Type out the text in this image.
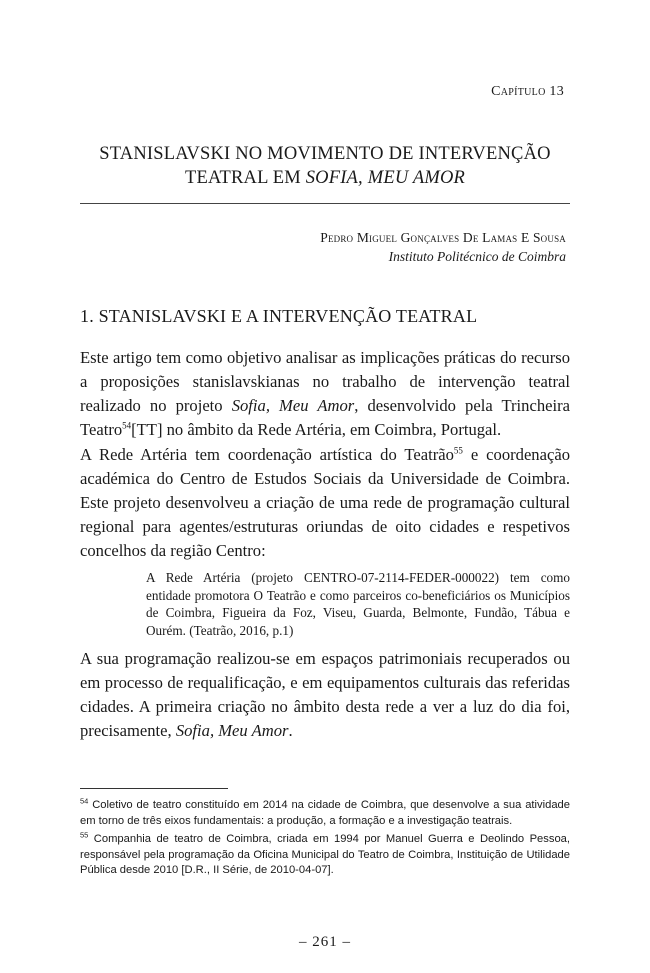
Capítulo 13
STANISLAVSKI NO MOVIMENTO DE INTERVENÇÃO
TEATRAL EM SOFIA, MEU AMOR
Pedro Miguel Gonçalves De Lamas E Sousa
Instituto Politécnico de Coimbra
1. STANISLAVSKI E A INTERVENÇÃO TEATRAL

Este artigo tem como objetivo analisar as implicações práticas do recurso a proposições stanislavskianas no trabalho de intervenção teatral realizado no projeto Sofia, Meu Amor, desenvolvido pela Trincheira Teatro$^{54}$[TT] no âmbito da Rede Artéria, em Coimbra, Portugal.

A Rede Artéria tem coordenação artística do Teatrão$^{55}$ e coordenação académica do Centro de Estudos Sociais da Universidade de Coimbra. Este projeto desenvolveu a criação de uma rede de programação cultural regional para agentes/estruturas oriundas de oito cidades e respetivos concelhos da região Centro:

A Rede Artéria (projeto CENTRO-07-2114-FEDER-000022) tem como entidade promotora O Teatrão e como parceiros co-beneficiários os Municípios de Coimbra, Figueira da Foz, Viseu, Guarda, Belmonte, Fundão, Tábua e Ourém. (Teatrão, 2016, p.1)

A sua programação realizou-se em espaços patrimoniais recuperados ou em processo de requalificação, e em equipamentos culturais das referidas cidades. A primeira criação no âmbito desta rede a ver a luz do dia foi, precisamente, Sofia, Meu Amor.

$^{54}$ Coletivo de teatro constituído em 2014 na cidade de Coimbra, que desenvolve a sua atividade em torno de três eixos fundamentais: a produção, a formação e a investigação teatrais.

$^{55}$ Companhia de teatro de Coimbra, criada em 1994 por Manuel Guerra e Deolindo Pessoa, responsável pela programação da Oficina Municipal do Teatro de Coimbra, Instituição de Utilidade Pública desde 2010 [D.R., II Série, de 2010-04-07].

– 261 –
